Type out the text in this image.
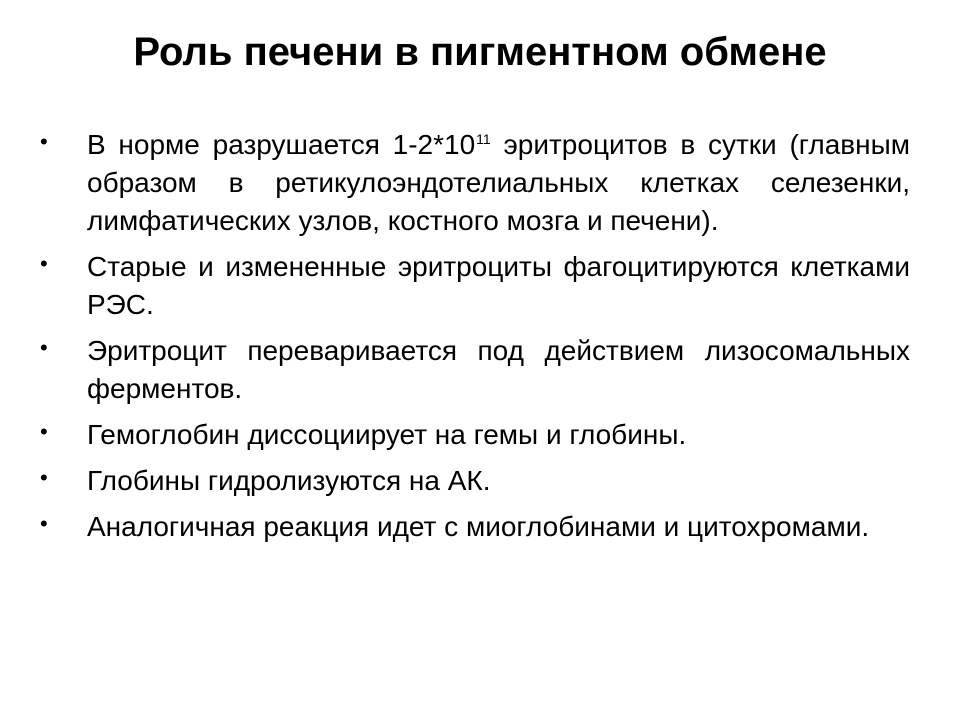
Роль печени в пигментном обмене
• В норме разрушается $1-2*10^{11}$ эритроцитов в сутки (главным образом в ретикулоэндотелиальных клетках селезенки, лимфатических узлов, костного мозга и печени).
• Старые и измененные эритроциты фагоцитируются клетками РЭС.
• Эритроцит переваривается под действием лизосомальных ферментов.
• Гемоглобин диссоциирует на гемы и глобины.
• Глобины гидролизуются на АК.
• Аналогичная реакция идет с миоглобинами и цитохромами.
